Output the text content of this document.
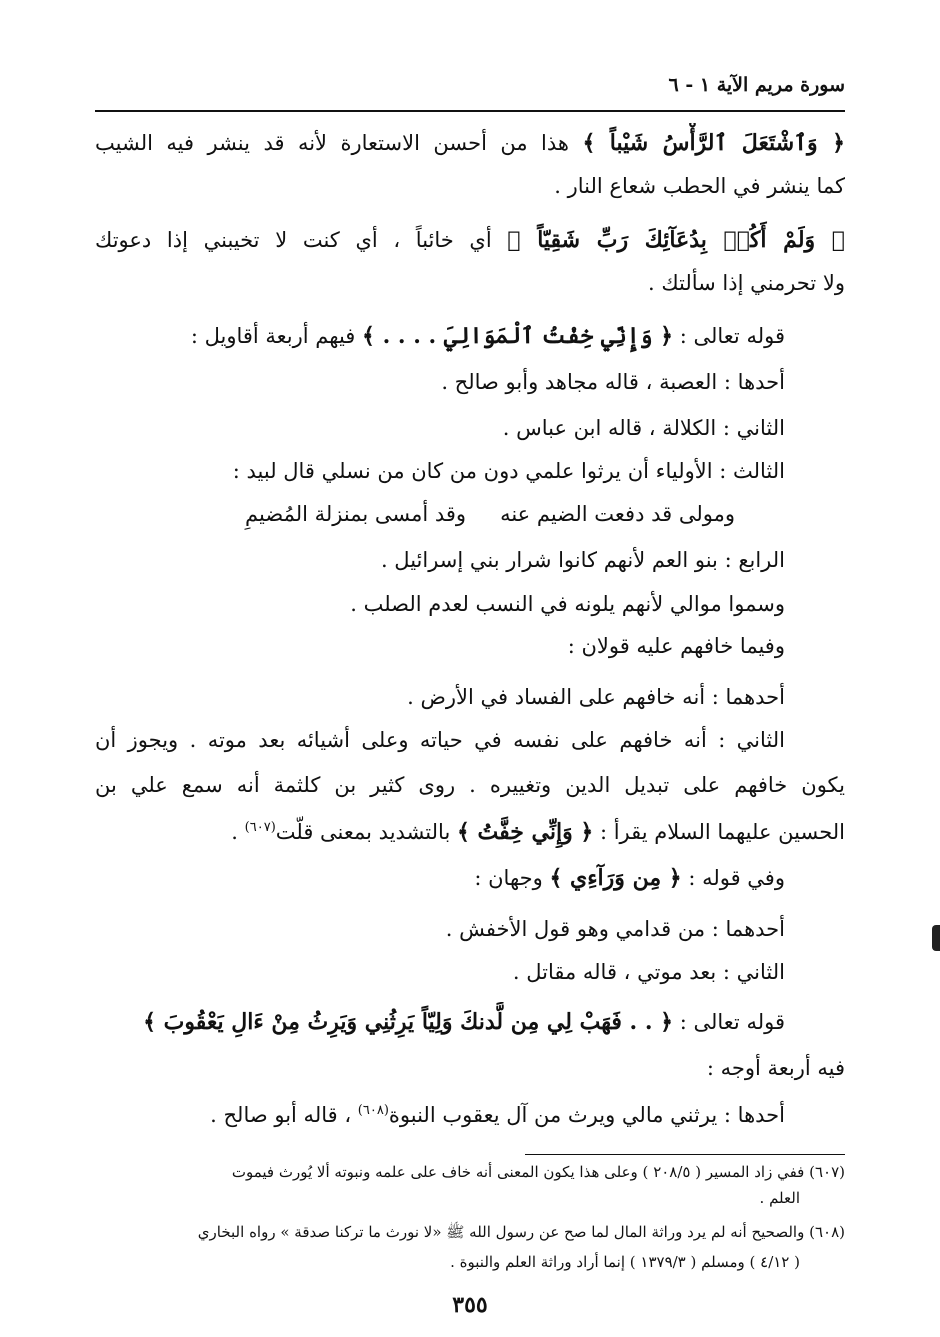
سورة مريم الآية ١ - ٦
﴿ وَٱشْتَعَلَ ٱلرَّأْسُ شَيْباً ﴾ هذا من أحسن الاستعارة لأنه قد ينشر فيه الشيب
كما ينشر في الحطب شعاع النار .
﴿ وَلَمْ أَكُنۢ بِدُعَآئِكَ رَبِّ شَقِيّاً ﴾ أي خائباً ، أي كنت لا تخيبني إذا دعوتك
ولا تحرمني إذا سألتك .
قوله تعالى : ﴿ وَإِنِّي خِفْتُ ٱلْمَوَالِيَ . . . . ﴾ فيهم أربعة أقاويل :
أحدها : العصبة ، قاله مجاهد وأبو صالح .
الثاني : الكلالة ، قاله ابن عباس .
الثالث : الأولياء أن يرثوا علمي دون من كان من نسلي قال لبيد :
ومولى قد دفعت الضيم عنهوقد أمسى بمنزلة المُضيمِ
الرابع : بنو العم لأنهم كانوا شرار بني إسرائيل .
وسموا موالي لأنهم يلونه في النسب لعدم الصلب .
وفيما خافهم عليه قولان :
أحدهما : أنه خافهم على الفساد في الأرض .
الثاني : أنه خافهم على نفسه في حياته وعلى أشيائه بعد موته . ويجوز أن
يكون خافهم على تبديل الدين وتغييره . روى كثير بن كلثمة أنه سمع علي بن
الحسين عليهما السلام يقرأ : ﴿ وَإِنِّي خِفَّتُ ﴾ بالتشديد بمعنى قلّت$^{(٦٠٧)}$ .
وفي قوله : ﴿ مِن وَرَآءِي ﴾ وجهان :
أحدهما : من قدامي وهو قول الأخفش .
الثاني : بعد موتي ، قاله مقاتل .
قوله تعالى : ﴿ . . فَهَبْ لِي مِن لَّدنكَ وَلِيّاً يَرِثُنِي وَيَرِثُ مِنْ ءَالِ يَعْقُوبَ ﴾
فيه أربعة أوجه :
أحدها : يرثني مالي ويرث من آل يعقوب النبوة$^{(٦٠٨)}$ ، قاله أبو صالح .
(٦٠٧) ففي زاد المسير ( ٢٠٨/٥ ) وعلى هذا يكون المعنى أنه خاف على علمه ونبوته ألا يُورث فيموت
العلم .
(٦٠٨) والصحيح أنه لم يرد وراثة المال لما صح عن رسول الله ﷺ «لا نورث ما تركنا صدقة » رواه البخاري
( ٤/١٢ ) ومسلم ( ١٣٧٩/٣ ) إنما أراد وراثة العلم والنبوة .
٣٥٥
